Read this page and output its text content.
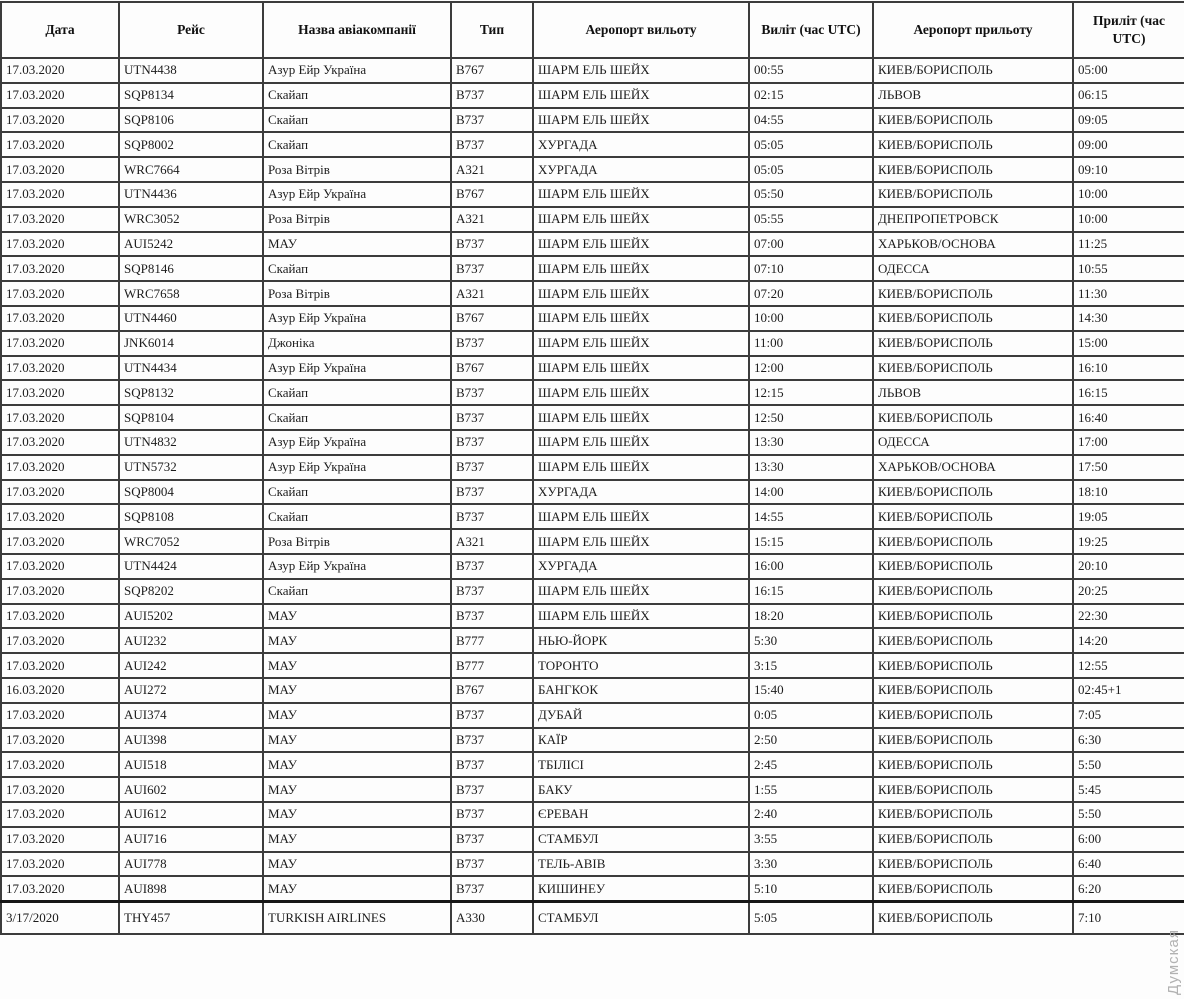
Дата	Рейс	Назва авіакомпанії	Тип	Аеропорт вильоту	Виліт (час UTC)	Аеропорт прильоту	Приліт (час UTC)
17.03.2020	UTN4438	Азур Ейр Україна	B767	ШАРМ ЕЛЬ ШЕЙХ	00:55	КИЕВ/БОРИСПОЛЬ	05:00
17.03.2020	SQP8134	Скайап	B737	ШАРМ ЕЛЬ ШЕЙХ	02:15	ЛЬВОВ	06:15
17.03.2020	SQP8106	Скайап	B737	ШАРМ ЕЛЬ ШЕЙХ	04:55	КИЕВ/БОРИСПОЛЬ	09:05
17.03.2020	SQP8002	Скайап	B737	ХУРГАДА	05:05	КИЕВ/БОРИСПОЛЬ	09:00
17.03.2020	WRC7664	Роза Вітрів	A321	ХУРГАДА	05:05	КИЕВ/БОРИСПОЛЬ	09:10
17.03.2020	UTN4436	Азур Ейр Україна	B767	ШАРМ ЕЛЬ ШЕЙХ	05:50	КИЕВ/БОРИСПОЛЬ	10:00
17.03.2020	WRC3052	Роза Вітрів	A321	ШАРМ ЕЛЬ ШЕЙХ	05:55	ДНЕПРОПЕТРОВСК	10:00
17.03.2020	AUI5242	МАУ	B737	ШАРМ ЕЛЬ ШЕЙХ	07:00	ХАРЬКОВ/ОСНОВА	11:25
17.03.2020	SQP8146	Скайап	B737	ШАРМ ЕЛЬ ШЕЙХ	07:10	ОДЕССА	10:55
17.03.2020	WRC7658	Роза Вітрів	A321	ШАРМ ЕЛЬ ШЕЙХ	07:20	КИЕВ/БОРИСПОЛЬ	11:30
17.03.2020	UTN4460	Азур Ейр Україна	B767	ШАРМ ЕЛЬ ШЕЙХ	10:00	КИЕВ/БОРИСПОЛЬ	14:30
17.03.2020	JNK6014	Джоніка	B737	ШАРМ ЕЛЬ ШЕЙХ	11:00	КИЕВ/БОРИСПОЛЬ	15:00
17.03.2020	UTN4434	Азур Ейр Україна	B767	ШАРМ ЕЛЬ ШЕЙХ	12:00	КИЕВ/БОРИСПОЛЬ	16:10
17.03.2020	SQP8132	Скайап	B737	ШАРМ ЕЛЬ ШЕЙХ	12:15	ЛЬВОВ	16:15
17.03.2020	SQP8104	Скайап	B737	ШАРМ ЕЛЬ ШЕЙХ	12:50	КИЕВ/БОРИСПОЛЬ	16:40
17.03.2020	UTN4832	Азур Ейр Україна	B737	ШАРМ ЕЛЬ ШЕЙХ	13:30	ОДЕССА	17:00
17.03.2020	UTN5732	Азур Ейр Україна	B737	ШАРМ ЕЛЬ ШЕЙХ	13:30	ХАРЬКОВ/ОСНОВА	17:50
17.03.2020	SQP8004	Скайап	B737	ХУРГАДА	14:00	КИЕВ/БОРИСПОЛЬ	18:10
17.03.2020	SQP8108	Скайап	B737	ШАРМ ЕЛЬ ШЕЙХ	14:55	КИЕВ/БОРИСПОЛЬ	19:05
17.03.2020	WRC7052	Роза Вітрів	A321	ШАРМ ЕЛЬ ШЕЙХ	15:15	КИЕВ/БОРИСПОЛЬ	19:25
17.03.2020	UTN4424	Азур Ейр Україна	B737	ХУРГАДА	16:00	КИЕВ/БОРИСПОЛЬ	20:10
17.03.2020	SQP8202	Скайап	B737	ШАРМ ЕЛЬ ШЕЙХ	16:15	КИЕВ/БОРИСПОЛЬ	20:25
17.03.2020	AUI5202	МАУ	B737	ШАРМ ЕЛЬ ШЕЙХ	18:20	КИЕВ/БОРИСПОЛЬ	22:30
17.03.2020	AUI232	МАУ	B777	НЬЮ-ЙОРК	5:30	КИЕВ/БОРИСПОЛЬ	14:20
17.03.2020	AUI242	МАУ	B777	ТОРОНТО	3:15	КИЕВ/БОРИСПОЛЬ	12:55
16.03.2020	AUI272	МАУ	B767	БАНГКОК	15:40	КИЕВ/БОРИСПОЛЬ	02:45+1
17.03.2020	AUI374	МАУ	B737	ДУБАЙ	0:05	КИЕВ/БОРИСПОЛЬ	7:05
17.03.2020	AUI398	МАУ	B737	КАЇР	2:50	КИЕВ/БОРИСПОЛЬ	6:30
17.03.2020	AUI518	МАУ	B737	ТБІЛІСІ	2:45	КИЕВ/БОРИСПОЛЬ	5:50
17.03.2020	AUI602	МАУ	B737	БАКУ	1:55	КИЕВ/БОРИСПОЛЬ	5:45
17.03.2020	AUI612	МАУ	B737	ЄРЕВАН	2:40	КИЕВ/БОРИСПОЛЬ	5:50
17.03.2020	AUI716	МАУ	B737	СТАМБУЛ	3:55	КИЕВ/БОРИСПОЛЬ	6:00
17.03.2020	AUI778	МАУ	B737	ТЕЛЬ-АВІВ	3:30	КИЕВ/БОРИСПОЛЬ	6:40
17.03.2020	AUI898	МАУ	B737	КИШИНЕУ	5:10	КИЕВ/БОРИСПОЛЬ	6:20
3/17/2020	THY457	TURKISH AIRLINES	A330	СТАМБУЛ	5:05	КИЕВ/БОРИСПОЛЬ	7:10
Думская
